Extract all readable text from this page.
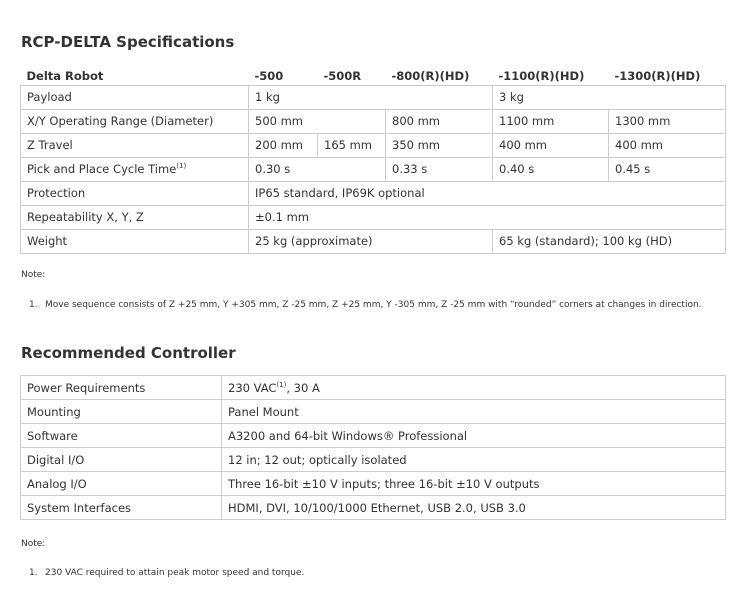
RCP-DELTA Specifications
Delta Robot	-500	-500R	-800(R)(HD)	-1100(R)(HD)	-1300(R)(HD)
Payload	1 kg			3 kg	
X/Y Operating Range (Diameter)	500 mm		800 mm	1100 mm	1300 mm
Z Travel	200 mm	165 mm	350 mm	400 mm	400 mm
Pick and Place Cycle Time$^{(1)}$	0.30 s		0.33 s	0.40 s	0.45 s
Protection	IP65 standard, IP69K optional				
Repeatability X, Y, Z	±0.1 mm				
Weight	25 kg (approximate)			65 kg (standard); 100 kg (HD)	
Note:
1. Move sequence consists of Z +25 mm, Y +305 mm, Z -25 mm, Z +25 mm, Y -305 mm, Z -25 mm with “rounded” corners at changes in direction.
Recommended Controller
Power Requirements	230 VAC$^{(1)}$, 30 A
Mounting	Panel Mount
Software	A3200 and 64-bit Windows® Professional
Digital I/O	12 in; 12 out; optically isolated
Analog I/O	Three 16-bit ±10 V inputs; three 16-bit ±10 V outputs
System Interfaces	HDMI, DVI, 10/100/1000 Ethernet, USB 2.0, USB 3.0
Note:
1. 230 VAC required to attain peak motor speed and torque.
